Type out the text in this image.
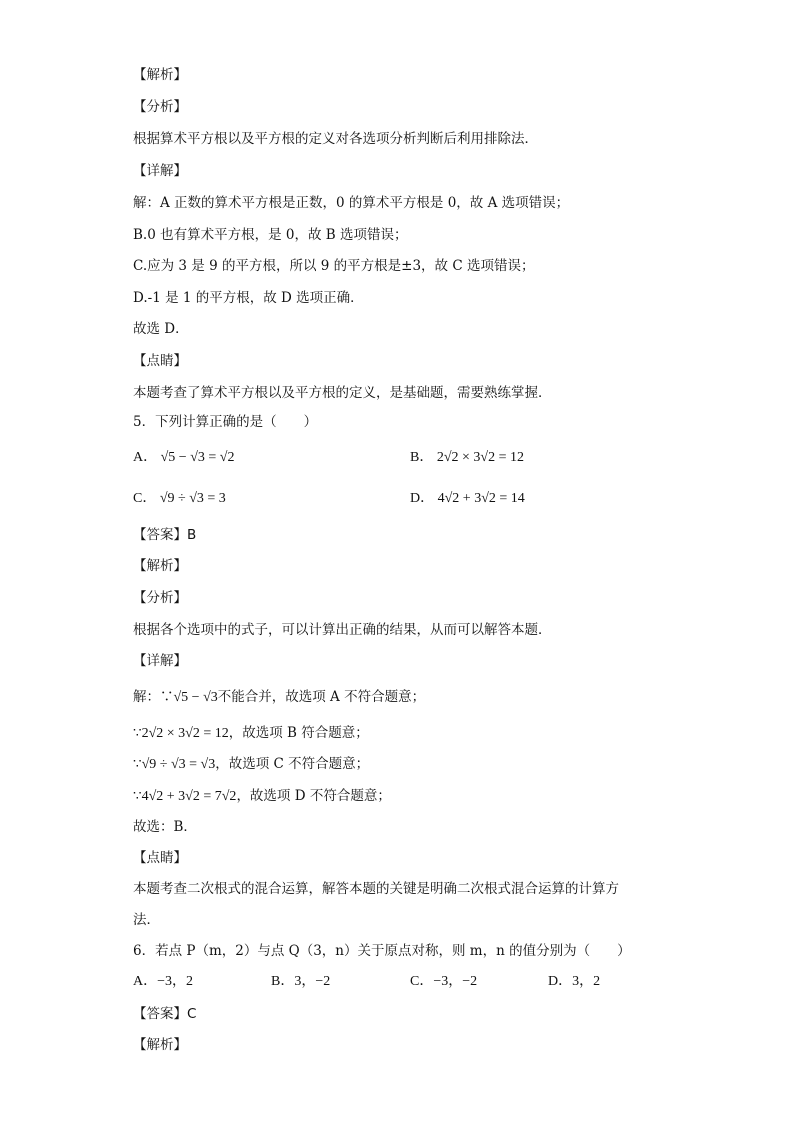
【解析】
【分析】
根据算术平方根以及平方根的定义对各选项分析判断后利用排除法．
【详解】
解：A 正数的算术平方根是正数，0 的算术平方根是 0，故 A 选项错误；
B.0 也有算术平方根，是 0，故 B 选项错误；
C.应为 3 是 9 的平方根，所以 9 的平方根是±3，故 C 选项错误；
D.-1 是 1 的平方根，故 D 选项正确．
故选 D．
【点睛】
本题考查了算术平方根以及平方根的定义，是基础题，需要熟练掌握．
5．下列计算正确的是（　　）
A． √5 − √3 = √2	B． 2√2 × 3√2 = 12
C． √9 ÷ √3 = 3	D． 4√2 + 3√2 = 14
【答案】B
【解析】
【分析】
根据各个选项中的式子，可以计算出正确的结果，从而可以解答本题．
【详解】
解：∵√5 − √3不能合并，故选项 A 不符合题意；
∵2√2 × 3√2 = 12，故选项 B 符合题意；
∵√9 ÷ √3 = √3，故选项 C 不符合题意；
∵4√2 + 3√2 = 7√2，故选项 D 不符合题意；
故选：B．
【点睛】
本题考查二次根式的混合运算，解答本题的关键是明确二次根式混合运算的计算方
法．
6．若点 P（m，2）与点 Q（3，n）关于原点对称，则 m，n 的值分别为（　　）
A．−3，2	B．3，−2	C．−3，−2	D．3，2
【答案】C
【解析】
